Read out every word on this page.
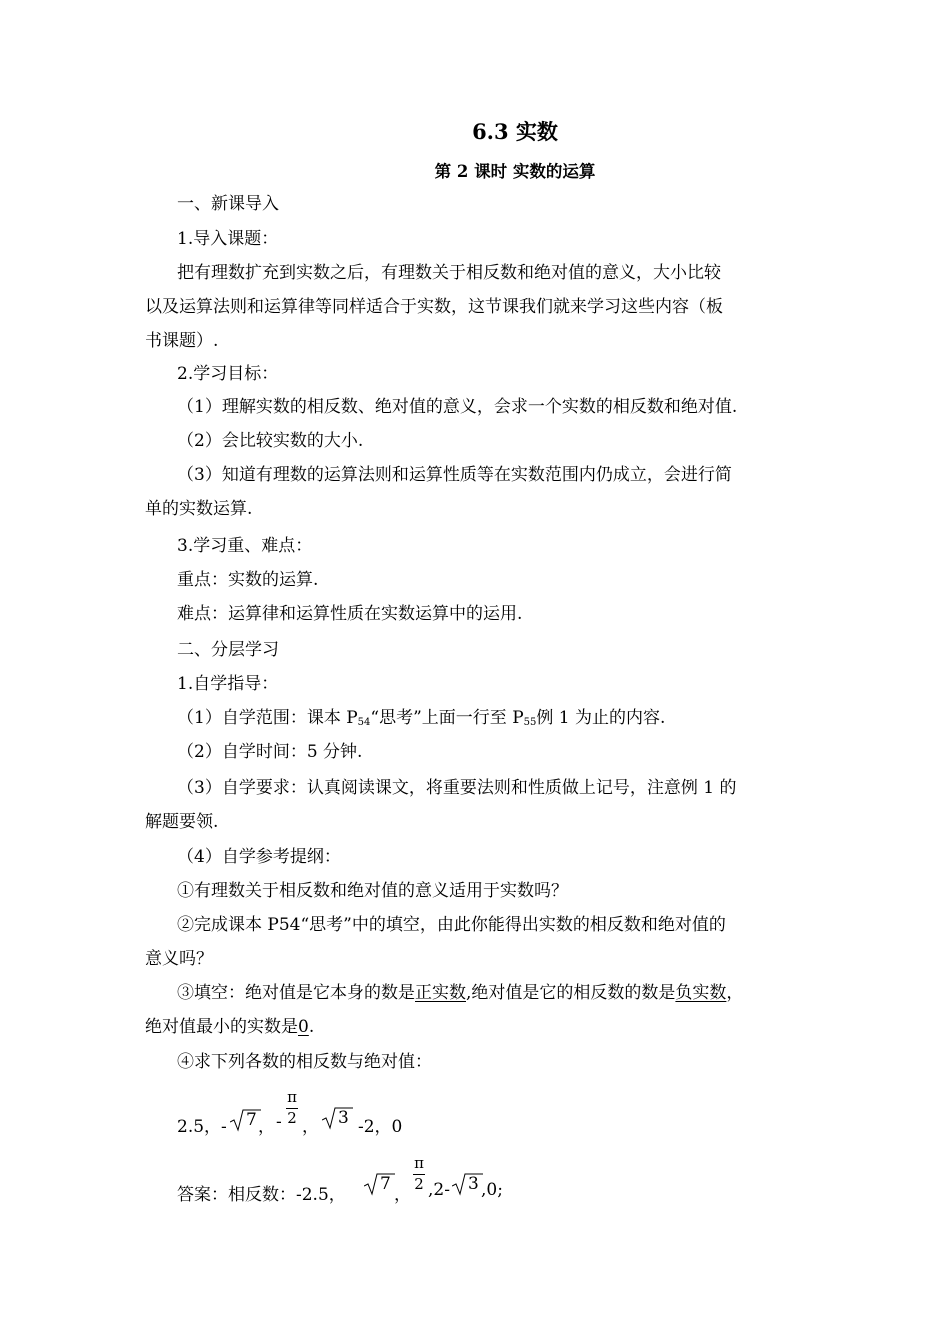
6.3 实数
第 2 课时 实数的运算
一、新课导入
1.导入课题：
把有理数扩充到实数之后，有理数关于相反数和绝对值的意义，大小比较
以及运算法则和运算律等同样适合于实数，这节课我们就来学习这些内容（板
书课题）.
2.学习目标：
（1）理解实数的相反数、绝对值的意义，会求一个实数的相反数和绝对值.
（2）会比较实数的大小.
（3）知道有理数的运算法则和运算性质等在实数范围内仍成立，会进行简
单的实数运算.
3.学习重、难点：
重点：实数的运算.
难点：运算律和运算性质在实数运算中的运用.
二、分层学习
1.自学指导：
（1）自学范围：课本 $P_{54}“$思考”上面一行至 $P_{55}$例 1 为止的内容.
（2）自学时间：5 分钟.
（3）自学要求：认真阅读课文，将重要法则和性质做上记号，注意例 1 的
解题要领.
（4）自学参考提纲：
①有理数关于相反数和绝对值的意义适用于实数吗？
②完成课本 P54“思考”中的填空，由此你能得出实数的相反数和绝对值的
意义吗？
③填空：绝对值是它本身的数是正实数,绝对值是它的相反数的数是负实数，
绝对值最小的实数是0.
④求下列各数的相反数与绝对值：
2.5，- 7 ， -
π
2 ， 3 -2，0
答案：相反数：-2.5，
7
，
π
2 ,2- 3 ,0;
